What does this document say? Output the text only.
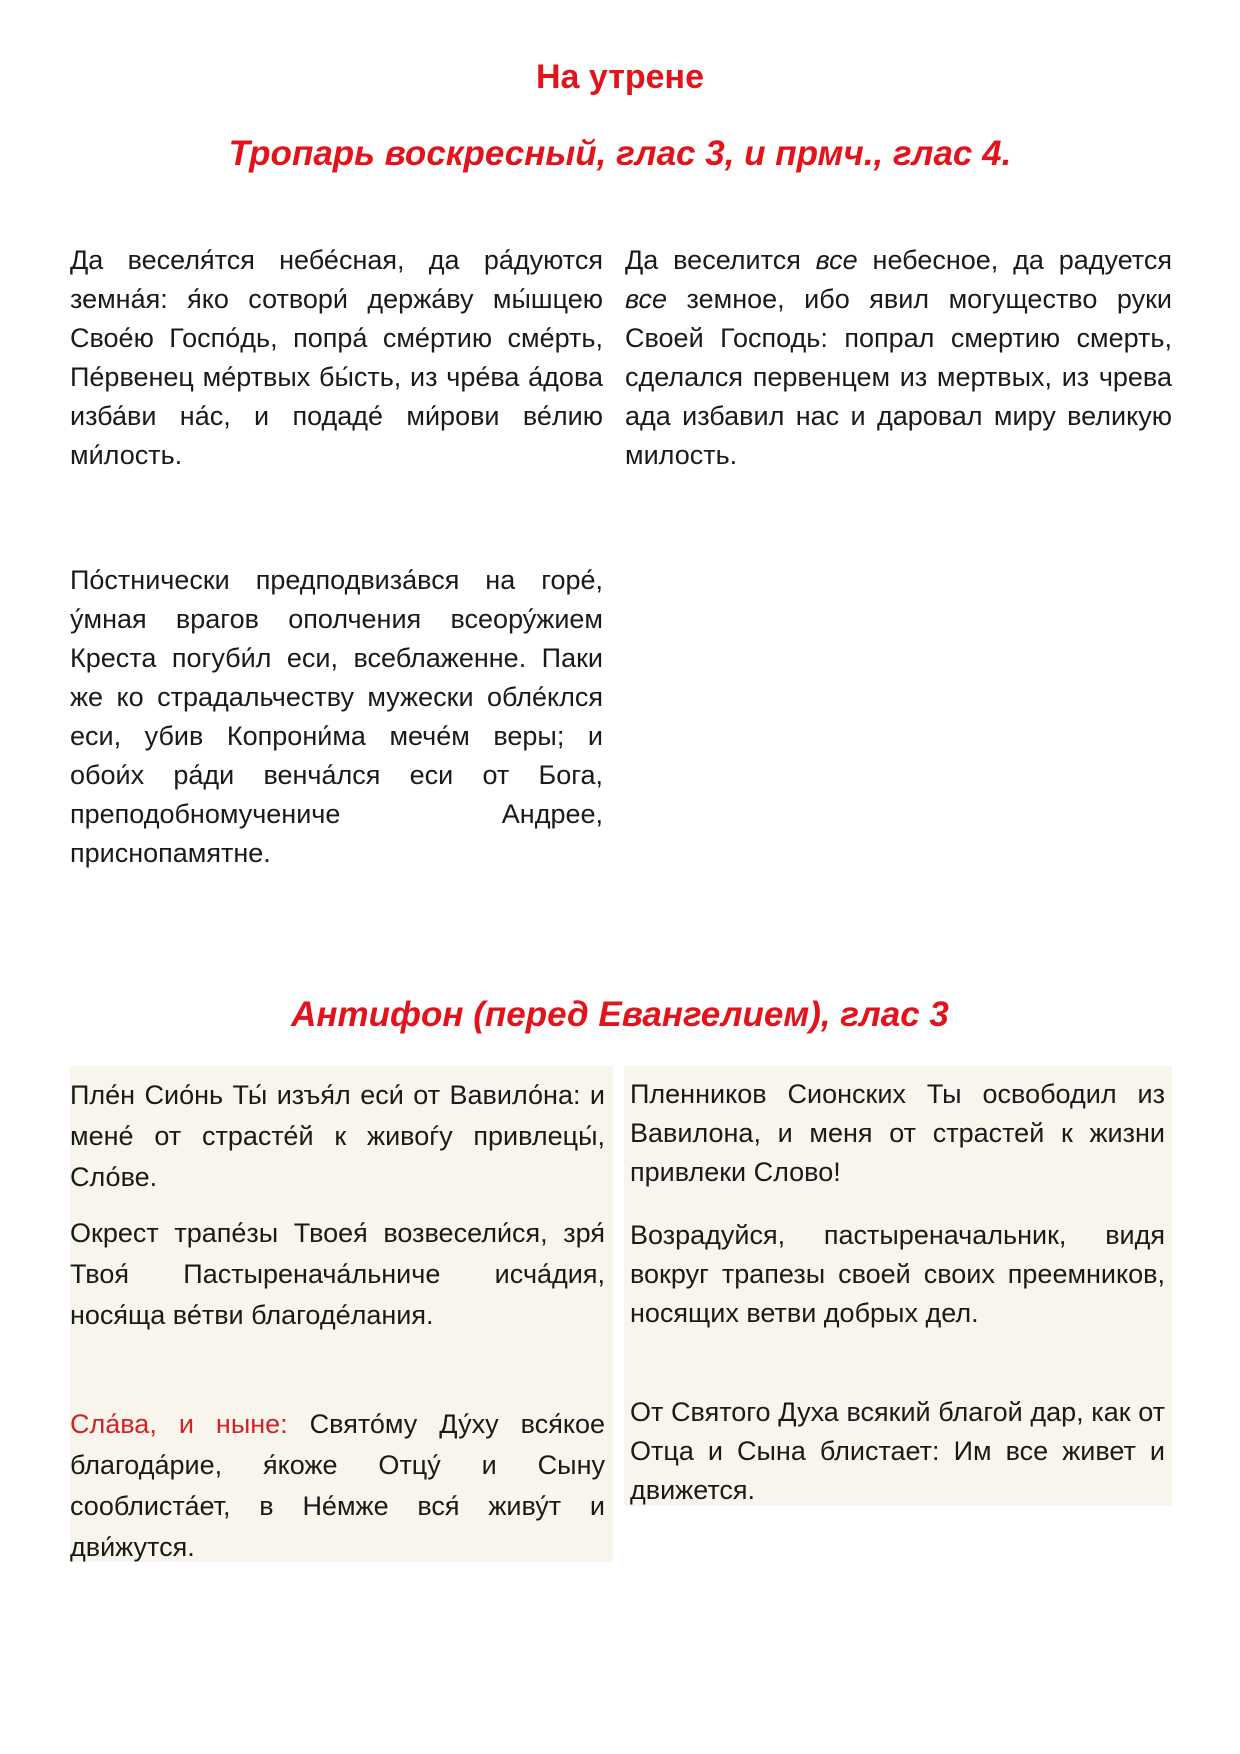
На утрене
Тропарь воскресный, глас 3, и прмч., глас 4.

Да веселя́тся небе́сная, да ра́дуются земна́я: я́ко сотвори́ держа́ву мы́шцею Свое́ю Госпо́дь, попра́ сме́ртию сме́рть, Пе́рвенец ме́ртвых бы́сть, из чре́ва а́дова изба́ви на́с, и подаде́ ми́рови ве́лию ми́лость.

Да веселится все небесное, да радуется все земное, ибо явил могущество руки Своей Господь: попрал смертию смерть, сделался первенцем из мертвых, из чрева ада избавил нас и даровал миру великую милость.

По́стнически предподвиза́вся на горе́, у́мная врагов ополчения всеору́жием Креста погуби́л еси, всеблаженне. Паки же ко страдальчеству мужески обле́клся еси, убив Копрони́ма мече́м веры; и обои́х ра́ди венча́лся еси от Бога, преподобномучениче Андрее, приснопамятне.

Антифон (перед Евангелием), глас 3

Пле́н Сио́нь Ты́ изъя́л еси́ от Вавило́на: и мене́ от страсте́й к живоѓу привлецы́, Сло́ве.

Пленников Сионских Ты освободил из Вавилона, и меня от страстей к жизни привлеки Слово!

Окрест трапе́зы Твоея́ возвесели́ся, зря́ Твоя́ Пастыренача́льниче исча́дия, нося́ща ве́тви благоде́лания.

Возрадуйся, пастыреначальник, видя вокруг трапезы своей своих преемников, носящих ветви добрых дел.

Сла́ва, и ныне: Свято́му Ду́ху вся́кое благода́рие, я́коже Отцу́ и Сыну сооблиста́ет, в Не́мже вся́ живу́т и дви́жутся.

От Святого Духа всякий благой дар, как от Отца и Сына блистает: Им все живет и движется.
